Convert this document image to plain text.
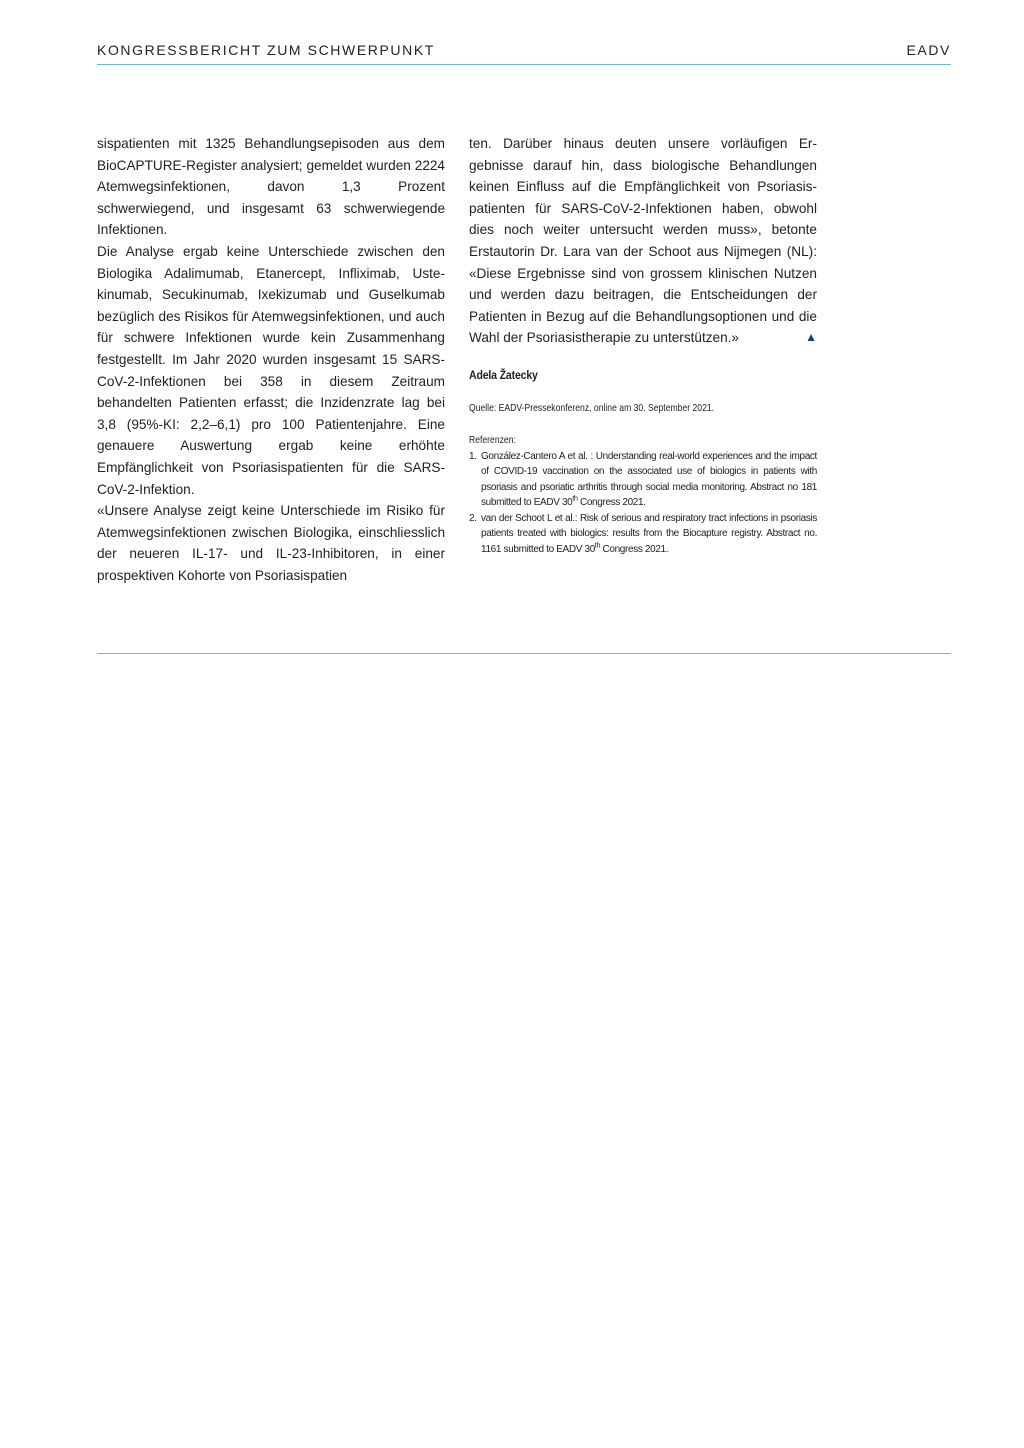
KONGRESSBERICHT ZUM SCHWERPUNKT	EADV

sispatienten mit 1325 Behandlungsepisoden aus dem BioCAPTURE-Register analysiert; gemeldet wurden 2224 Atemwegsinfektionen, davon 1,3 Prozent schwerwiegend, und insgesamt 63 schwerwiegende Infektionen.

Die Analyse ergab keine Unterschiede zwischen den Biologika Adalimumab, Etanercept, Infliximab, Ustekinumab, Secukinumab, Ixekizumab und Guselkumab bezüglich des Risikos für Atemwegsinfektionen, und auch für schwere Infektionen wurde kein Zusammenhang festgestellt. Im Jahr 2020 wurden insgesamt 15 SARS-CoV-2-Infektionen bei 358 in diesem Zeitraum behandelten Patienten erfasst; die Inzidenzrate lag bei 3,8 (95%-KI: 2,2–6,1) pro 100 Patientenjahre. Eine genauere Auswertung ergab keine erhöhte Empfänglichkeit von Psoriasispatienten für die SARS-CoV-2-Infektion.

«Unsere Analyse zeigt keine Unterschiede im Risiko für Atemwegsinfektionen zwischen Biologika, einschliesslich der neueren IL-17- und IL-23-Inhibitoren, in einer prospektiven Kohorte von Psoriasispatien

ten. Darüber hinaus deuten unsere vorläufigen Ergebnisse darauf hin, dass biologische Behandlungen keinen Einfluss auf die Empfänglichkeit von Psoriasispatienten für SARS-CoV-2-Infektionen haben, obwohl dies noch weiter untersucht werden muss», betonte Erstautorin Dr. Lara van der Schoot aus Nijmegen (NL): «Diese Ergebnisse sind von grossem klinischen Nutzen und werden dazu beitragen, die Entscheidungen der Patienten in Bezug auf die Behandlungsoptionen und die Wahl der Psoriasistherapie zu unterstützen.»	▲
Adela Žatecky
Quelle: EADV-Pressekonferenz, online am 30. September 2021.
Referenzen:
1. González-Cantero A et al. : Understanding real-world experiences and the impact of COVID-19 vaccination on the associated use of biologics in patients with psoriasis and psoriatic arthritis through social media monitoring. Abstract no 181 submitted to EADV 30th Congress 2021.
2. van der Schoot L et al.: Risk of serious and respiratory tract infections in psoriasis patients treated with biologics: results from the Biocapture registry. Abstract no. 1161 submitted to EADV 30th Congress 2021.
